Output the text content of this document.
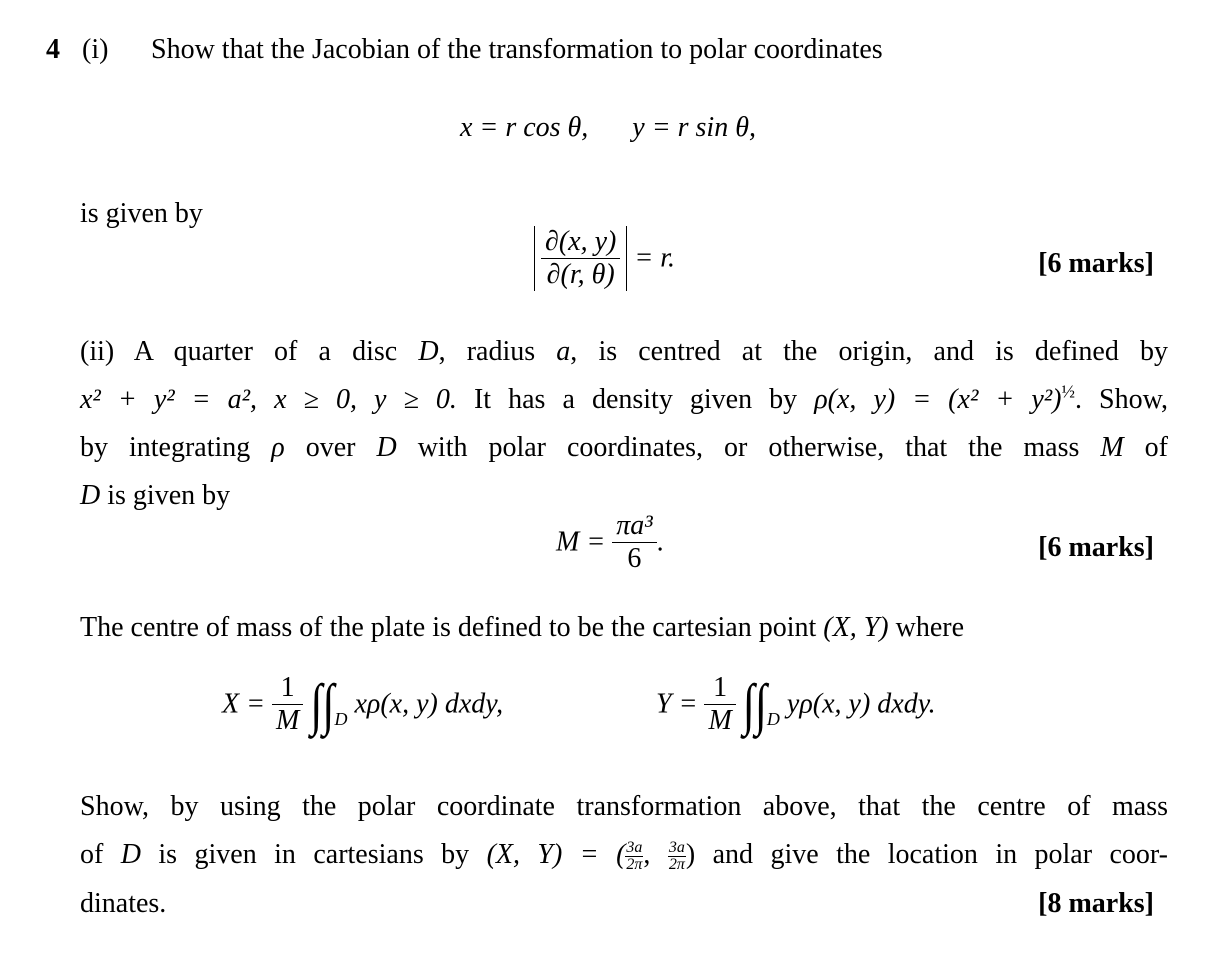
4 (i) Show that the Jacobian of the transformation to polar coordinates
x = r cos θ, y = r sin θ,
is given by
$\frac{\partial(x, y)}{\partial(r, \theta)} = r$.	[6 marks]
(ii) A quarter of a disc D, radius a, is centred at the origin, and is defined by
x² + y² = a², x ≥ 0, y ≥ 0. It has a density given by ρ(x, $y) = (x^2 + y^2)^{\frac{1}{2}}$. Show,
by integrating ρ over D with polar coordinates, or otherwise, that the mass M of
D is given by
$M = \frac{\text{πa³}}{6}$ .	[6 marks]
The centre of mass of the plate is defined to be the cartesian point (X, Y) where
$X = \frac{1}{M} \int\int_D$ xρ(x, y) dxdy,	$Y = \frac{1}{M} \int\int_D$ yρ(x, y) dxdy.
Show, by using the polar coordinate transformation above, that the centre of mass
of D is given in cartesians by (X, Y) = ( $\frac{3a}{2\pi}$ , $\frac{3a}{2\pi}$ ) and give the location in polar coor-
dinates.	[8 marks]
